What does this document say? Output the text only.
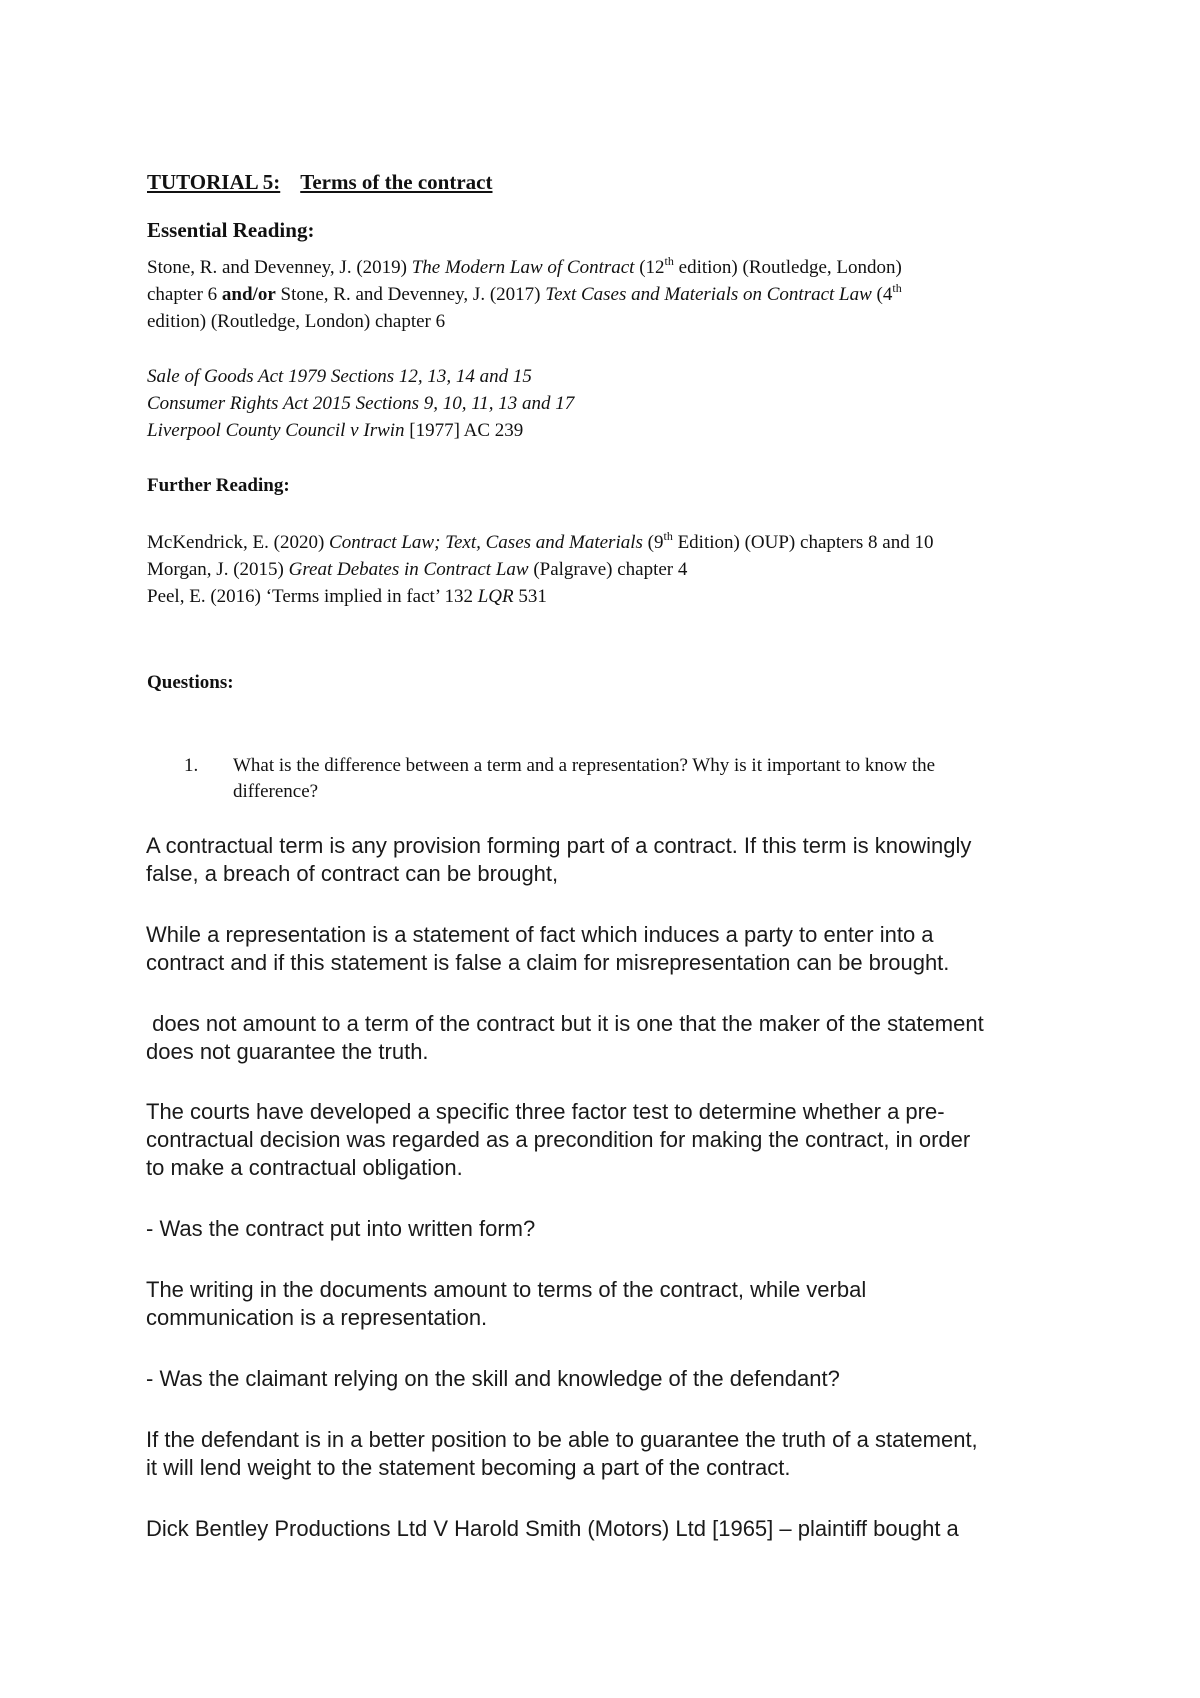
TUTORIAL 5: Terms of the contract
Essential Reading:
Stone, R. and Devenney, J. (2019) The Modern Law of Contract (12th edition) (Routledge, London)
chapter 6 and/or Stone, R. and Devenney, J. (2017) Text Cases and Materials on Contract Law (4th
edition) (Routledge, London) chapter 6
Sale of Goods Act 1979 Sections 12, 13, 14 and 15
Consumer Rights Act 2015 Sections 9, 10, 11, 13 and 17
Liverpool County Council v Irwin [1977] AC 239
Further Reading:
McKendrick, E. (2020) Contract Law; Text, Cases and Materials (9th Edition) (OUP) chapters 8 and 10
Morgan, J. (2015) Great Debates in Contract Law (Palgrave) chapter 4
Peel, E. (2016) ‘Terms implied in fact’ 132 LQR 531
Questions:
1. What is the difference between a term and a representation? Why is it important to know the
difference?
A contractual term is any provision forming part of a contract. If this term is knowingly
false, a breach of contract can be brought,
While a representation is a statement of fact which induces a party to enter into a
contract and if this statement is false a claim for misrepresentation can be brought.
does not amount to a term of the contract but it is one that the maker of the statement
does not guarantee the truth.
The courts have developed a specific three factor test to determine whether a pre-
contractual decision was regarded as a precondition for making the contract, in order
to make a contractual obligation.
- Was the contract put into written form?
The writing in the documents amount to terms of the contract, while verbal
communication is a representation.
- Was the claimant relying on the skill and knowledge of the defendant?
If the defendant is in a better position to be able to guarantee the truth of a statement,
it will lend weight to the statement becoming a part of the contract.
Dick Bentley Productions Ltd V Harold Smith (Motors) Ltd [1965] – plaintiff bought a
